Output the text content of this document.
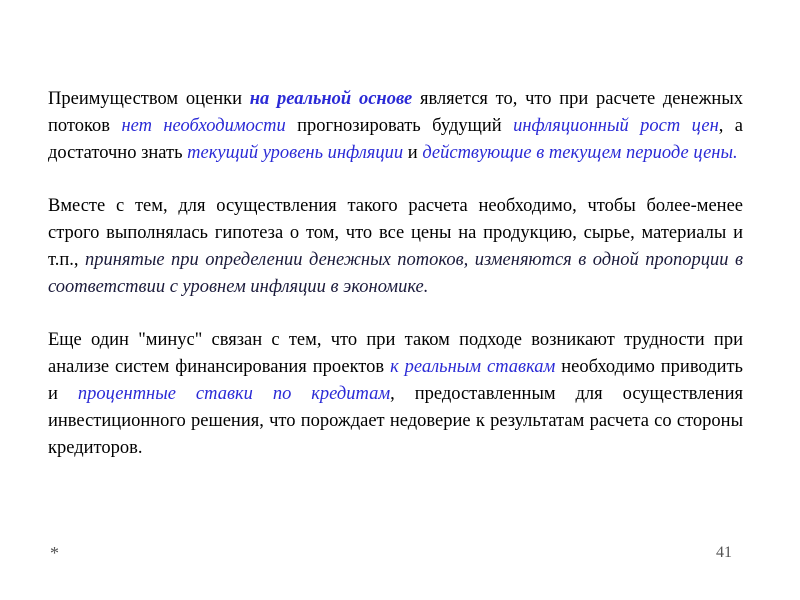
Преимуществом оценки на реальной основе является то, что при расчете денежных потоков нет необходимости прогнозировать будущий инфляционный рост цен, а достаточно знать текущий уровень инфляции и действующие в текущем периоде цены.

Вместе с тем, для осуществления такого расчета необходимо, чтобы более-менее строго выполнялась гипотеза о том, что все цены на продукцию, сырье, материалы и т.п., принятые при определении денежных потоков, изменяются в одной пропорции в соответствии с уровнем инфляции в экономике.

Еще один "минус" связан с тем, что при таком подходе возникают трудности при анализе систем финансирования проектов к реальным ставкам необходимо приводить и процентные ставки по кредитам, предоставленным для осуществления инвестиционного решения, что порождает недоверие к результатам расчета со стороны кредиторов.

*	41
